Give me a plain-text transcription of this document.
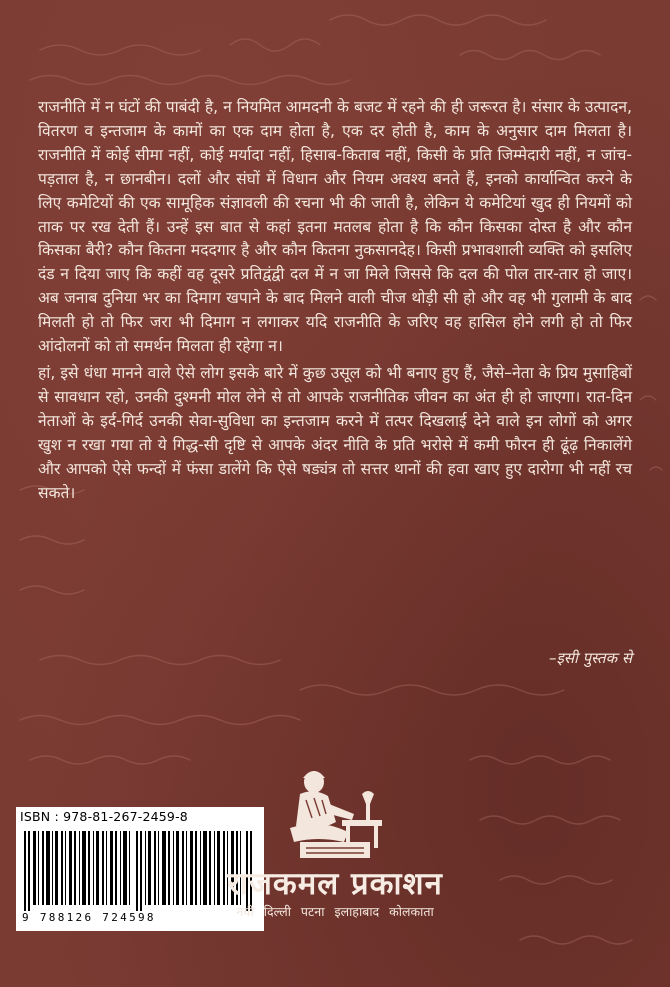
राजनीति में न घंटों की पाबंदी है, न नियमित आमदनी के बजट में रहने की ही जरूरत है। संसार के उत्पादन, वितरण व इन्तजाम के कामों का एक दाम होता है, एक दर होती है, काम के अनुसार दाम मिलता है। राजनीति में कोई सीमा नहीं, कोई मर्यादा नहीं, हिसाब-किताब नहीं, किसी के प्रति जिम्मेदारी नहीं, न जांच-पड़ताल है, न छानबीन। दलों और संघों में विधान और नियम अवश्य बनते हैं, इनको कार्यान्वित करने के लिए कमेटियों की एक सामूहिक संज्ञावली की रचना भी की जाती है, लेकिन ये कमेटियां खुद ही नियमों को ताक पर रख देती हैं। उन्हें इस बात से कहां इतना मतलब होता है कि कौन किसका दोस्त है और कौन किसका बैरी? कौन कितना मददगार है और कौन कितना नुकसानदेह। किसी प्रभावशाली व्यक्ति को इसलिए दंड न दिया जाए कि कहीं वह दूसरे प्रतिद्वंद्वी दल में न जा मिले जिससे कि दल की पोल तार-तार हो जाए। अब जनाब दुनिया भर का दिमाग खपाने के बाद मिलने वाली चीज थोड़ी सी हो और वह भी गुलामी के बाद मिलती हो तो फिर जरा भी दिमाग न लगाकर यदि राजनीति के जरिए वह हासिल होने लगी हो तो फिर आंदोलनों को तो समर्थन मिलता ही रहेगा न।

हां, इसे धंधा मानने वाले ऐसे लोग इसके बारे में कुछ उसूल को भी बनाए हुए हैं, जैसे–नेता के प्रिय मुसाहिबों से सावधान रहो, उनकी दुश्मनी मोल लेने से तो आपके राजनीतिक जीवन का अंत ही हो जाएगा। रात-दिन नेताओं के इर्द-गिर्द उनकी सेवा-सुविधा का इन्तजाम करने में तत्पर दिखलाई देने वाले इन लोगों को अगर खुश न रखा गया तो ये गिद्ध-सी दृष्टि से आपके अंदर नीति के प्रति भरोसे में कमी फौरन ही ढूंढ़ निकालेंगे और आपको ऐसे फन्दों में फंसा डालेंगे कि ऐसे षड्यंत्र तो सत्तर थानों की हवा खाए हुए दारोगा भी नहीं रच सकते।

–इसी पुस्तक से
ISBN : 978-81-267-2459-8
9 788126 724598
राजकमल प्रकाशन
नयी दिल्ली पटना इलाहाबाद कोलकाता
